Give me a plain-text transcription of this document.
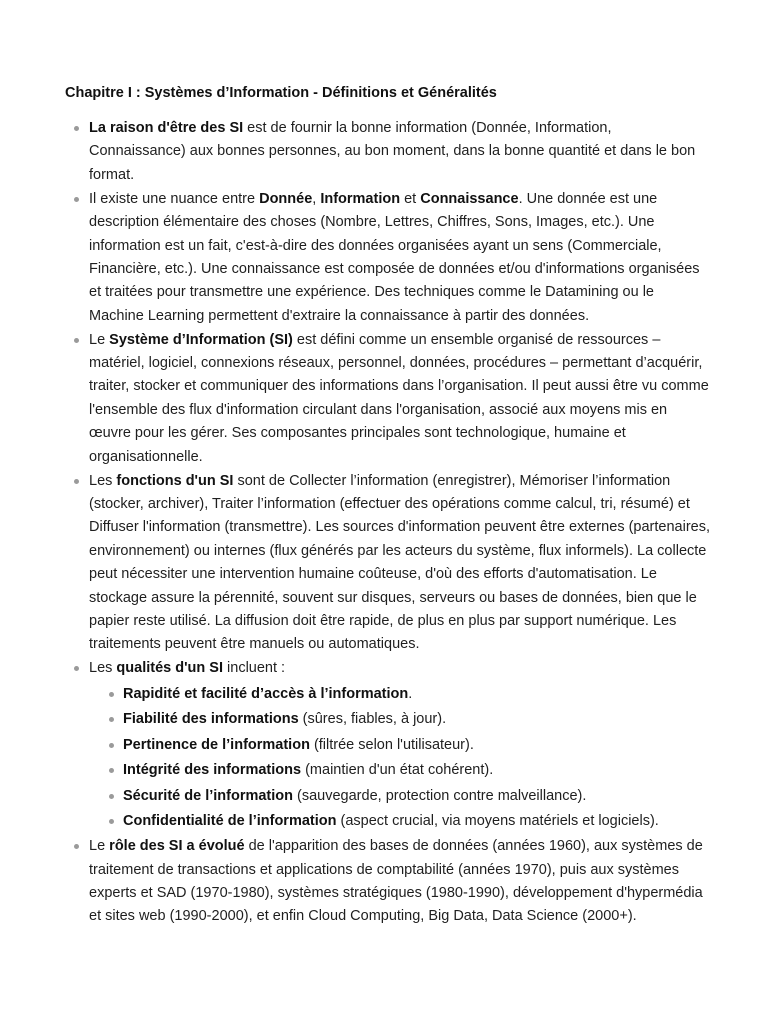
Chapitre I : Systèmes d’Information - Définitions et Généralités
La raison d'être des SI est de fournir la bonne information (Donnée, Information, Connaissance) aux bonnes personnes, au bon moment, dans la bonne quantité et dans le bon format.
Il existe une nuance entre Donnée, Information et Connaissance. Une donnée est une description élémentaire des choses (Nombre, Lettres, Chiffres, Sons, Images, etc.). Une information est un fait, c'est-à-dire des données organisées ayant un sens (Commerciale, Financière, etc.). Une connaissance est composée de données et/ou d'informations organisées et traitées pour transmettre une expérience. Des techniques comme le Datamining ou le Machine Learning permettent d'extraire la connaissance à partir des données.
Le Système d’Information (SI) est défini comme un ensemble organisé de ressources – matériel, logiciel, connexions réseaux, personnel, données, procédures – permettant d’acquérir, traiter, stocker et communiquer des informations dans l’organisation. Il peut aussi être vu comme l'ensemble des flux d'information circulant dans l'organisation, associé aux moyens mis en œuvre pour les gérer. Ses composantes principales sont technologique, humaine et organisationnelle.
Les fonctions d'un SI sont de Collecter l’information (enregistrer), Mémoriser l’information (stocker, archiver), Traiter l’information (effectuer des opérations comme calcul, tri, résumé) et Diffuser l'information (transmettre). Les sources d'information peuvent être externes (partenaires, environnement) ou internes (flux générés par les acteurs du système, flux informels). La collecte peut nécessiter une intervention humaine coûteuse, d'où des efforts d'automatisation. Le stockage assure la pérennité, souvent sur disques, serveurs ou bases de données, bien que le papier reste utilisé. La diffusion doit être rapide, de plus en plus par support numérique. Les traitements peuvent être manuels ou automatiques.
Les qualités d'un SI incluent :
Rapidité et facilité d’accès à l’information.
Fiabilité des informations (sûres, fiables, à jour).
Pertinence de l’information (filtrée selon l'utilisateur).
Intégrité des informations (maintien d'un état cohérent).
Sécurité de l’information (sauvegarde, protection contre malveillance).
Confidentialité de l’information (aspect crucial, via moyens matériels et logiciels).
Le rôle des SI a évolué de l'apparition des bases de données (années 1960), aux systèmes de traitement de transactions et applications de comptabilité (années 1970), puis aux systèmes experts et SAD (1970-1980), systèmes stratégiques (1980-1990), développement d'hypermédia et sites web (1990-2000), et enfin Cloud Computing, Big Data, Data Science (2000+).
